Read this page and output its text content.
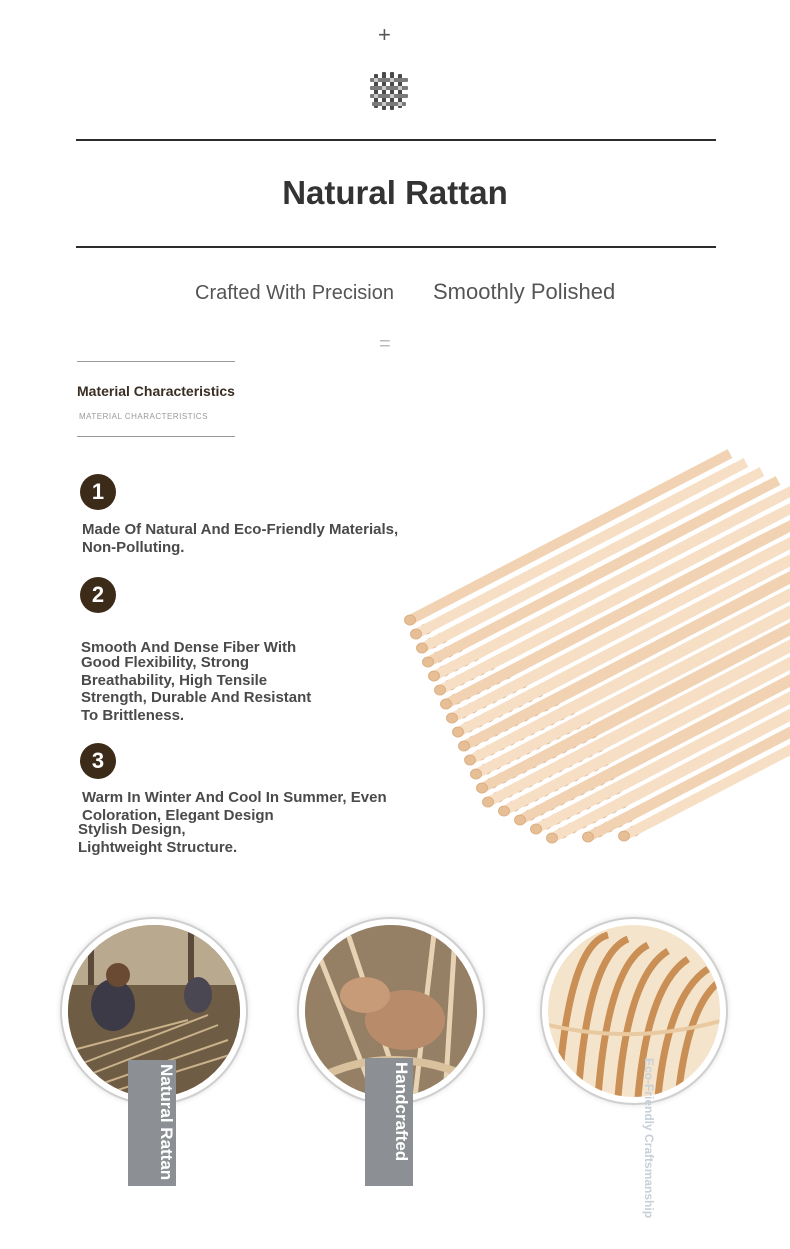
+
Natural Rattan
Crafted With Precision Smoothly Polished
=
Material Characteristics
MATERIAL CHARACTERISTICS
1
Made Of Natural And Eco-Friendly Materials,
Non-Polluting.
2
Smooth And Dense Fiber With
Good Flexibility, Strong
Breathability, High Tensile
Strength, Durable And Resistant
To Brittleness.
3
Warm In Winter And Cool In Summer, Even
Coloration, Elegant Design
Stylish Design,
Lightweight Structure.
Natural Rattan	Handcrafted	Eco-Friendly Craftsmanship
